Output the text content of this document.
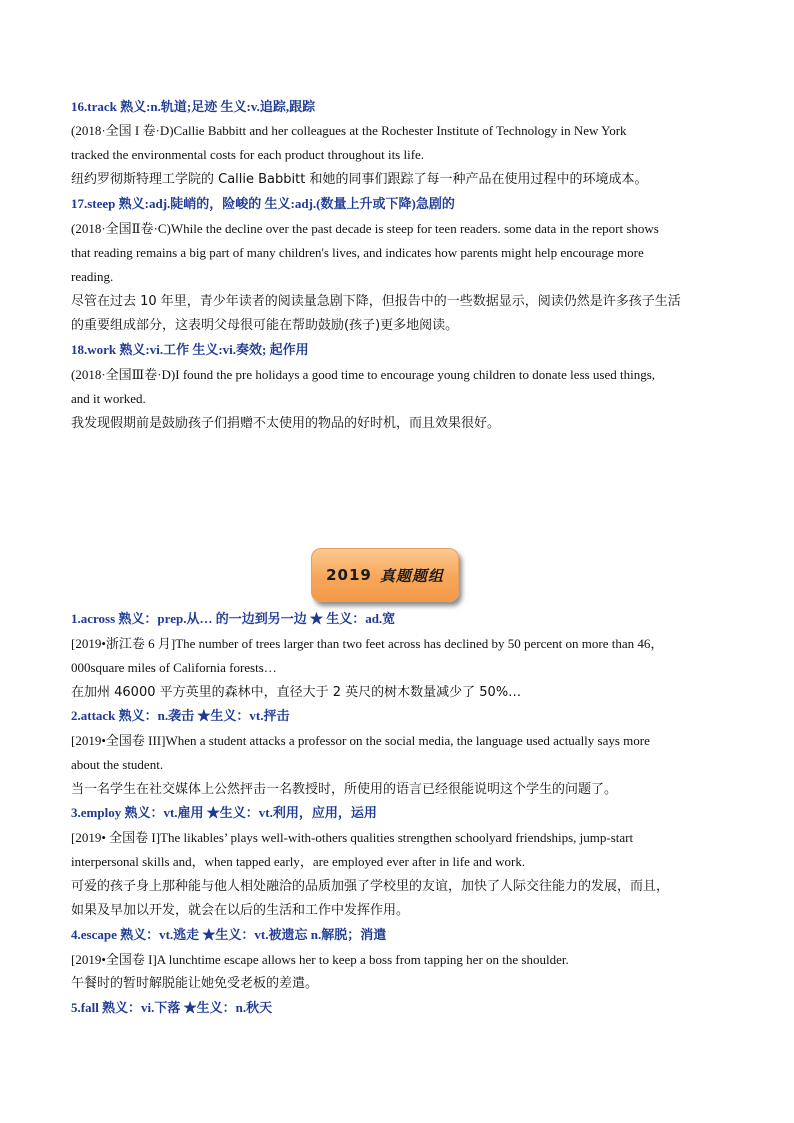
16.track 熟义:n.轨道;足迹 生义:v.追踪,跟踪
(2018·全国 I 卷·D)Callie Babbitt and her colleagues at the Rochester Institute of Technology in New York
tracked the environmental costs for each product throughout its life.
纽约罗彻斯特理工学院的 Callie Babbitt 和她的同事们跟踪了每一种产品在使用过程中的环境成本。
17.steep 熟义:adj.陡峭的，险峻的 生义:adj.(数量上升或下降)急剧的
(2018·全国Ⅱ卷·C)While the decline over the past decade is steep for teen readers. some data in the report shows
that reading remains a big part of many children's lives, and indicates how parents might help encourage more
reading.
尽管在过去 10 年里，青少年读者的阅读量急剧下降，但报告中的一些数据显示，阅读仍然是许多孩子生活
的重要组成部分，这表明父母很可能在帮助鼓励(孩子)更多地阅读。
18.work 熟义:vi.工作 生义:vi.奏效; 起作用
(2018·全国Ⅲ卷·D)I found the pre holidays a good time to encourage young children to donate less used things,
and it worked.
我发现假期前是鼓励孩子们捐赠不太使用的物品的好时机，而且效果很好。
2019 真题题组
1.across 熟义：prep.从… 的一边到另一边 ★ 生义：ad.宽
[2019•浙江卷 6 月]The number of trees larger than two feet across has declined by 50 percent on more than 46，
000square miles of California forests…
在加州 46000 平方英里的森林中，直径大于 2 英尺的树木数量减少了 50%…
2.attack 熟义：n.袭击 ★生义：vt.抨击
[2019•全国卷 III]When a student attacks a professor on the social media, the language used actually says more
about the student.
当一名学生在社交媒体上公然抨击一名教授时，所使用的语言已经很能说明这个学生的问题了。
3.employ 熟义：vt.雇用 ★生义：vt.利用，应用，运用
[2019• 全国卷 I]The likables’ plays well-with-others qualities strengthen schoolyard friendships, jump-start
interpersonal skills and，when tapped early，are employed ever after in life and work.
可爱的孩子身上那种能与他人相处融洽的品质加强了学校里的友谊，加快了人际交往能力的发展，而且，
如果及早加以开发，就会在以后的生活和工作中发挥作用。
4.escape 熟义：vt.逃走 ★生义：vt.被遗忘 n.解脱；消遣
[2019•全国卷 I]A lunchtime escape allows her to keep a boss from tapping her on the shoulder.
午餐时的暂时解脱能让她免受老板的差遣。
5.fall 熟义：vi.下落 ★生义：n.秋天
